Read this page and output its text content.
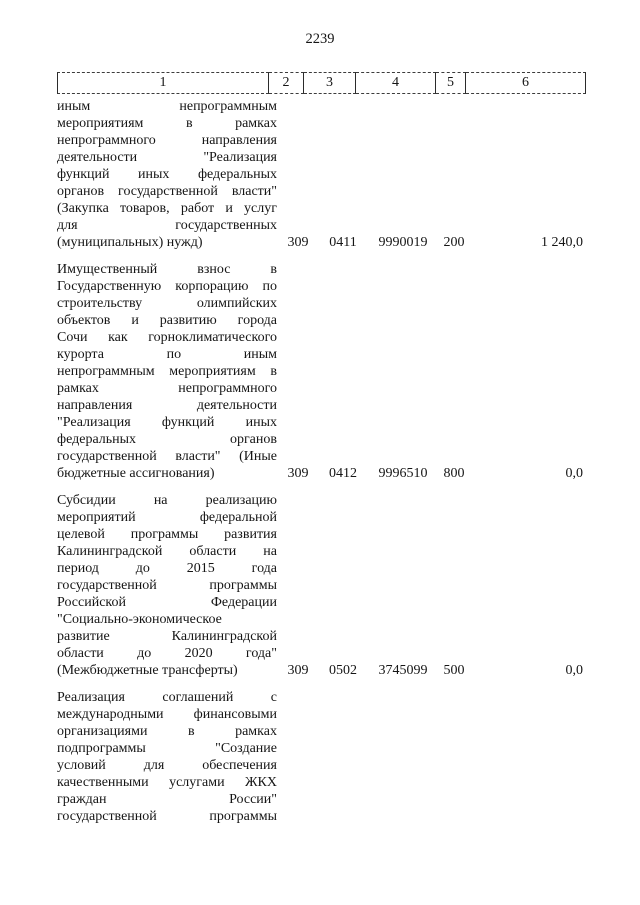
2239
1	2	3	4	5	6
иным	непрограммным
мероприятиям	в	рамках
непрограммного	направления
деятельности	"Реализация
функций иных федеральных
органов государственной власти"
(Закупка товаров, работ и услуг
для	государственных
(муниципальных) нужд)	309	0411	9990019	200	1 240,0
Имущественный	взнос	в
Государственную корпорацию по
строительству	олимпийских
объектов и развитию города
Сочи как горноклиматического
курорта	по	иным
непрограммным мероприятиям в
рамках	непрограммного
направления	деятельности
"Реализация функций иных
федеральных	органов
государственной власти" (Иные
бюджетные ассигнования)	309	0412	9996510	800	0,0
Субсидии	на	реализацию
мероприятий	федеральной
целевой программы развития
Калининградской области на
период	до	2015	года
государственной	программы
Российской	Федерации
"Социально-экономическое
развитие	Калининградской
области до 2020 года"
(Межбюджетные трансферты)	309	0502	3745099	500	0,0
Реализация	соглашений	с
международными финансовыми
организациями	в	рамках
подпрограммы	"Создание
условий	для	обеспечения
качественными услугами ЖКХ
граждан	России"
государственной	программы
